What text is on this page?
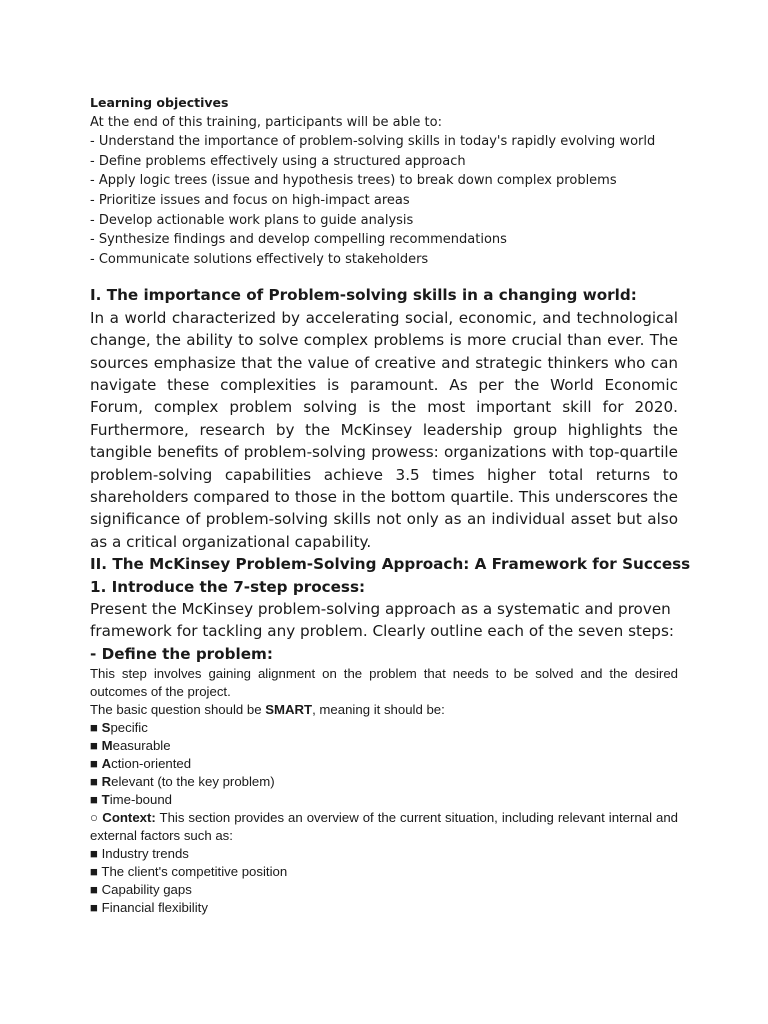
Learning objectives
At the end of this training, participants will be able to:
- Understand the importance of problem-solving skills in today's rapidly evolving world
- Define problems effectively using a structured approach
- Apply logic trees (issue and hypothesis trees) to break down complex problems
- Prioritize issues and focus on high-impact areas
- Develop actionable work plans to guide analysis
- Synthesize findings and develop compelling recommendations
- Communicate solutions effectively to stakeholders
I. The importance of Problem-solving skills in a changing world:
In a world characterized by accelerating social, economic, and technological change, the ability to solve complex problems is more crucial than ever. The sources emphasize that the value of creative and strategic thinkers who can navigate these complexities is paramount. As per the World Economic Forum, complex problem solving is the most important skill for 2020. Furthermore, research by the McKinsey leadership group highlights the tangible benefits of problem-solving prowess: organizations with top-quartile problem-solving capabilities achieve 3.5 times higher total returns to shareholders compared to those in the bottom quartile. This underscores the significance of problem-solving skills not only as an individual asset but also as a critical organizational capability.
II. The McKinsey Problem-Solving Approach: A Framework for Success
1. Introduce the 7-step process:
Present the McKinsey problem-solving approach as a systematic and proven framework for tackling any problem. Clearly outline each of the seven steps:
- Define the problem:
This step involves gaining alignment on the problem that needs to be solved and the desired outcomes of the project.
The basic question should be SMART, meaning it should be:
■ Specific
■ Measurable
■ Action-oriented
■ Relevant (to the key problem)
■ Time-bound
○ Context: This section provides an overview of the current situation, including relevant internal and external factors such as:
■ Industry trends
■ The client's competitive position
■ Capability gaps
■ Financial flexibility
